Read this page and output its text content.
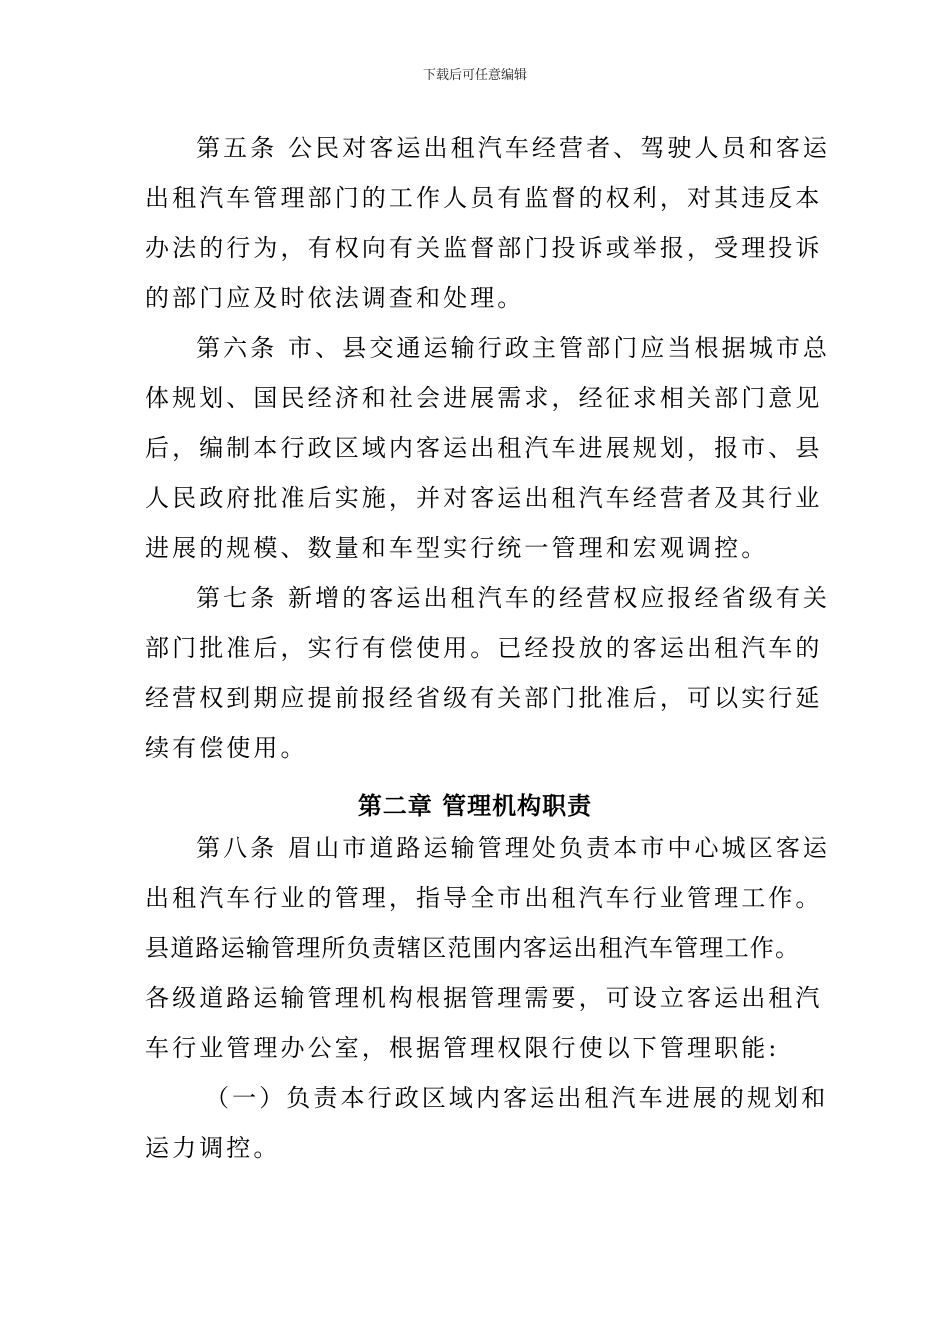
下载后可任意编辑
第五条 公民对客运出租汽车经营者、驾驶人员和客运
出租汽车管理部门的工作人员有监督的权利，对其违反本
办法的行为，有权向有关监督部门投诉或举报，受理投诉
的部门应及时依法调查和处理。
第六条 市、县交通运输行政主管部门应当根据城市总
体规划、国民经济和社会进展需求，经征求相关部门意见
后，编制本行政区域内客运出租汽车进展规划，报市、县
人民政府批准后实施，并对客运出租汽车经营者及其行业
进展的规模、数量和车型实行统一管理和宏观调控。
第七条 新增的客运出租汽车的经营权应报经省级有关
部门批准后，实行有偿使用。已经投放的客运出租汽车的
经营权到期应提前报经省级有关部门批准后，可以实行延
续有偿使用。
第二章 管理机构职责
第八条 眉山市道路运输管理处负责本市中心城区客运
出租汽车行业的管理，指导全市出租汽车行业管理工作。
县道路运输管理所负责辖区范围内客运出租汽车管理工作。
各级道路运输管理机构根据管理需要，可设立客运出租汽
车行业管理办公室，根据管理权限行使以下管理职能:
（一）负责本行政区域内客运出租汽车进展的规划和
运力调控。
